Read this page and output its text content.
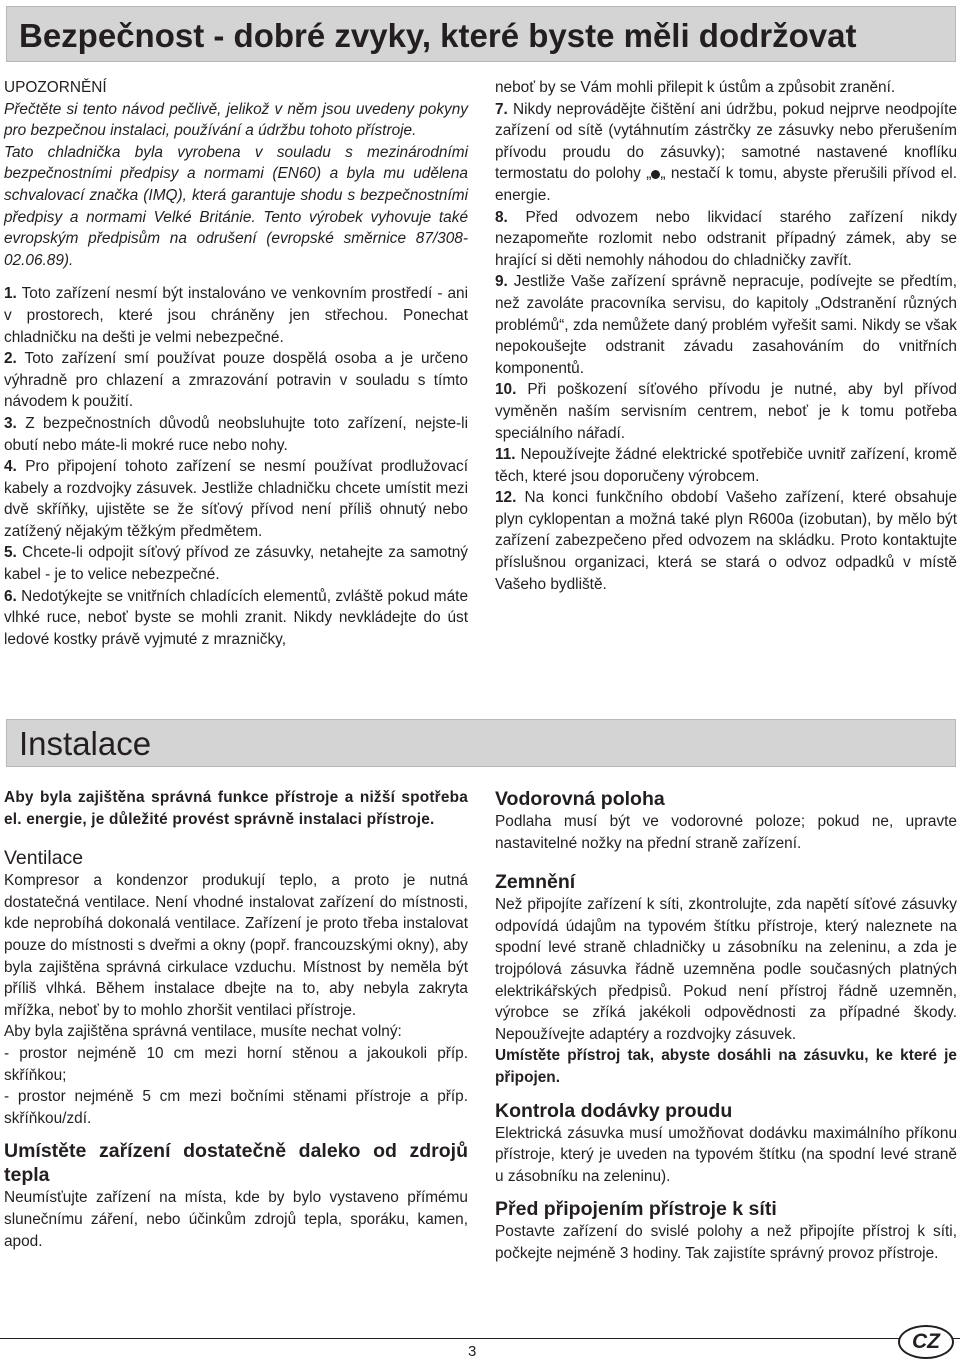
Bezpečnost - dobré zvyky, které byste měli dodržovat

UPOZORNĚNÍ

Přečtěte si tento návod pečlivě, jelikož v něm jsou uvedeny pokyny pro bezpečnou instalaci, používání a údržbu tohoto přístroje.

Tato chladnička byla vyrobena v souladu s mezinárodními bezpečnostními předpisy a normami (EN60) a byla mu udělena schvalovací značka (IMQ), která garantuje shodu s bezpečnostními předpisy a normami Velké Británie. Tento výrobek vyhovuje také evropským předpisům na odrušení (evropské směrnice 87/308-02.06.89).

1. Toto zařízení nesmí být instalováno ve venkovním prostředí - ani v prostorech, které jsou chráněny jen střechou. Ponechat chladničku na dešti je velmi nebezpečné.

2. Toto zařízení smí používat pouze dospělá osoba a je určeno výhradně pro chlazení a zmrazování potravin v souladu s tímto návodem k použití.

3. Z bezpečnostních důvodů neobsluhujte toto zařízení, nejste-li obutí nebo máte-li mokré ruce nebo nohy.

4. Pro připojení tohoto zařízení se nesmí používat prodlužovací kabely a rozdvojky zásuvek. Jestliže chladničku chcete umístit mezi dvě skříňky, ujistěte se že síťový přívod není příliš ohnutý nebo zatížený nějakým těžkým předmětem.

5. Chcete-li odpojit síťový přívod ze zásuvky, netahejte za samotný kabel - je to velice nebezpečné.

6. Nedotýkejte se vnitřních chladících elementů, zvláště pokud máte vlhké ruce, neboť byste se mohli zranit. Nikdy nevkládejte do úst ledové kostky právě vyjmuté z mrazničky,

neboť by se Vám mohli přilepit k ústům a způsobit zranění.

7. Nikdy neprovádějte čištění ani údržbu, pokud nejprve neodpojíte zařízení od sítě (vytáhnutím zástrčky ze zásuvky nebo přerušením přívodu proudu do zásuvky); samotné nastavené knoflíku termostatu do polohy „ „ nestačí k tomu, abyste přerušili přívod el. energie.

8. Před odvozem nebo likvidací starého zařízení nikdy nezapomeňte rozlomit nebo odstranit případný zámek, aby se hrající si děti nemohly náhodou do chladničky zavřít.

9. Jestliže Vaše zařízení správně nepracuje, podívejte se předtím, než zavoláte pracovníka servisu, do kapitoly „Odstranění různých problémů“, zda nemůžete daný problém vyřešit sami. Nikdy se však nepokoušejte odstranit závadu zasahováním do vnitřních komponentů.

10. Při poškození síťového přívodu je nutné, aby byl přívod vyměněn naším servisním centrem, neboť je k tomu potřeba speciálního nářadí.

11. Nepoužívejte žádné elektrické spotřebiče uvnitř zařízení, kromě těch, které jsou doporučeny výrobcem.

12. Na konci funkčního období Vašeho zařízení, které obsahuje plyn cyklopentan a možná také plyn R600a (izobutan), by mělo být zařízení zabezpečeno před odvozem na skládku. Proto kontaktujte příslušnou organizaci, která se stará o odvoz odpadků v místě Vašeho bydliště.

Instalace

Aby byla zajištěna správná funkce přístroje a nižší spotřeba el. energie, je důležité provést správně instalaci přístroje.

Ventilace

Kompresor a kondenzor produkují teplo, a proto je nutná dostatečná ventilace. Není vhodné instalovat zařízení do místnosti, kde neprobíhá dokonalá ventilace. Zařízení je proto třeba instalovat pouze do místnosti s dveřmi a okny (popř. francouzskými okny), aby byla zajištěna správná cirkulace vzduchu. Místnost by neměla být příliš vlhká. Během instalace dbejte na to, aby nebyla zakryta mřížka, neboť by to mohlo zhoršit ventilaci přístroje.

Aby byla zajištěna správná ventilace, musíte nechat volný:

- prostor nejméně 10 cm mezi horní stěnou a jakoukoli příp. skříňkou;

- prostor nejméně 5 cm mezi bočními stěnami přístroje a příp. skříňkou/zdí.

Umístěte zařízení dostatečně daleko od zdrojů tepla

Neumísťujte zařízení na místa, kde by bylo vystaveno přímému slunečnímu záření, nebo účinkům zdrojů tepla, sporáku, kamen, apod.

Vodorovná poloha

Podlaha musí být ve vodorovné poloze; pokud ne, upravte nastavitelné nožky na přední straně zařízení.

Zemnění

Než připojíte zařízení k síti, zkontrolujte, zda napětí síťové zásuvky odpovídá údajům na typovém štítku přístroje, který naleznete na spodní levé straně chladničky u zásobníku na zeleninu, a zda je trojpólová zásuvka řádně uzemněna podle současných platných elektrikářských předpisů. Pokud není přístroj řádně uzemněn, výrobce se zříká jakékoli odpovědnosti za případné škody. Nepoužívejte adaptéry a rozdvojky zásuvek.

Umístěte přístroj tak, abyste dosáhli na zásuvku, ke které je připojen.

Kontrola dodávky proudu

Elektrická zásuvka musí umožňovat dodávku maximálního příkonu přístroje, který je uveden na typovém štítku (na spodní levé straně u zásobníku na zeleninu).

Před připojením přístroje k síti

Postavte zařízení do svislé polohy a než připojíte přístroj k síti, počkejte nejméně 3 hodiny. Tak zajistíte správný provoz přístroje.

3	CZ
